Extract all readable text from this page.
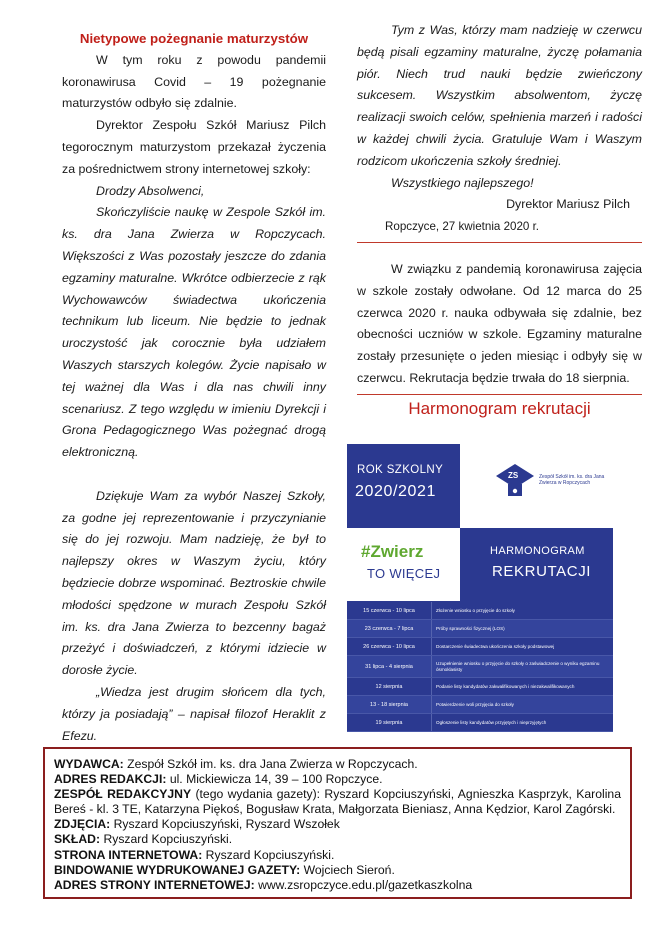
Nietypowe pożegnanie maturzystów

W tym roku z powodu pandemii koronawirusa Covid – 19 pożegnanie maturzystów odbyło się zdalnie.

Dyrektor Zespołu Szkół Mariusz Pilch tegorocznym maturzystom przekazał życzenia za pośrednictwem strony internetowej szkoły:

Drodzy Absolwenci,

Skończyliście naukę w Zespole Szkół im. ks. dra Jana Zwierza w Ropczycach. Większości z Was pozostały jeszcze do zdania egzaminy maturalne. Wkrótce odbierzecie z rąk Wychowawców świadectwa ukończenia technikum lub liceum. Nie będzie to jednak uroczystość jak corocznie była udziałem Waszych starszych kolegów. Życie napisało w tej ważnej dla Was i dla nas chwili inny scenariusz. Z tego względu w imieniu Dyrekcji i Grona Pedagogicznego Was pożegnać drogą elektroniczną.

Dziękuje Wam za wybór Naszej Szkoły, za godne jej reprezentowanie i przyczynianie się do jej rozwoju. Mam nadzieję, że był to najlepszy okres w Waszym życiu, który będziecie dobrze wspominać. Beztroskie chwile młodości spędzone w murach Zespołu Szkół im. ks. dra Jana Zwierza to bezcenny bagaż przeżyć i doświadczeń, z którymi idziecie w dorosłe życie.

„Wiedza jest drugim słońcem dla tych, którzy ja posiadają” – napisał filozof Heraklit z Efezu.

Tym z Was, którzy mam nadzieję w czerwcu będą pisali egzaminy maturalne, życzę połamania piór. Niech trud nauki będzie zwieńczony sukcesem. Wszystkim absolwentom, życzę realizacji swoich celów, spełnienia marzeń i radości w każdej chwili życia. Gratuluje Wam i Waszym rodzicom ukończenia szkoły średniej.

Wszystkiego najlepszego!

Dyrektor Mariusz Pilch

Ropczyce, 27 kwietnia 2020 r.

W związku z pandemią koronawirusa zajęcia w szkole zostały odwołane. Od 12 marca do 25 czerwca 2020 r. nauka odbywała się zdalnie, bez obecności uczniów w szkole. Egzaminy maturalne zostały przesunięte o jeden miesiąc i odbyły się w czerwcu. Rekrutacja będzie trwała do 18 sierpnia.

Harmonogram rekrutacji

ROK SZKOLNY
2020/2021
ZS	Zespół Szkół im. ks. dra Jana Zwierza w Ropczycach
#Zwierz
TO WIĘCEJ
HARMONOGRAM
REKRUTACJI
15 czerwca - 10 lipca	Złożenie wniosku o przyjęcie do szkoły
23 czerwca - 7 lipca	Próby sprawności fizycznej (LOS)
26 czerwca - 10 lipca	Dostarczenie świadectwa ukończenia szkoły podstawowej
31 lipca - 4 sierpnia	Uzupełnienie wniosku o przyjęcie do szkoły o zaświadczenie o wyniku egzaminu ósmoklasisty
12 sierpnia	Podanie listy kandydatów zakwalifikowanych i niezakwalifikowanych
13 - 18 sierpnia	Potwierdzenie woli przyjęcia do szkoły
19 sierpnia	Ogłoszenie listy kandydatów przyjętych i nieprzyjętych
WYDAWCA: Zespół Szkół im. ks. dra Jana Zwierza w Ropczycach.
ADRES REDAKCJI: ul. Mickiewicza 14, 39 – 100 Ropczyce.
ZESPÓŁ REDAKCYJNY (tego wydania gazety): Ryszard Kopciuszyński, Agnieszka Kasprzyk, Karolina Bereś - kl. 3 TE, Katarzyna Piękoś, Bogusław Krata, Małgorzata Bieniasz, Anna Kędzior, Karol Zagórski.
ZDJĘCIA: Ryszard Kopciuszyński, Ryszard Wszołek
SKŁAD: Ryszard Kopciuszyński.
STRONA INTERNETOWA: Ryszard Kopciuszyński.
BINDOWANIE WYDRUKOWANEJ GAZETY: Wojciech Sieroń.
ADRES STRONY INTERNETOWEJ: www.zsropczyce.edu.pl/gazetkaszkolna
